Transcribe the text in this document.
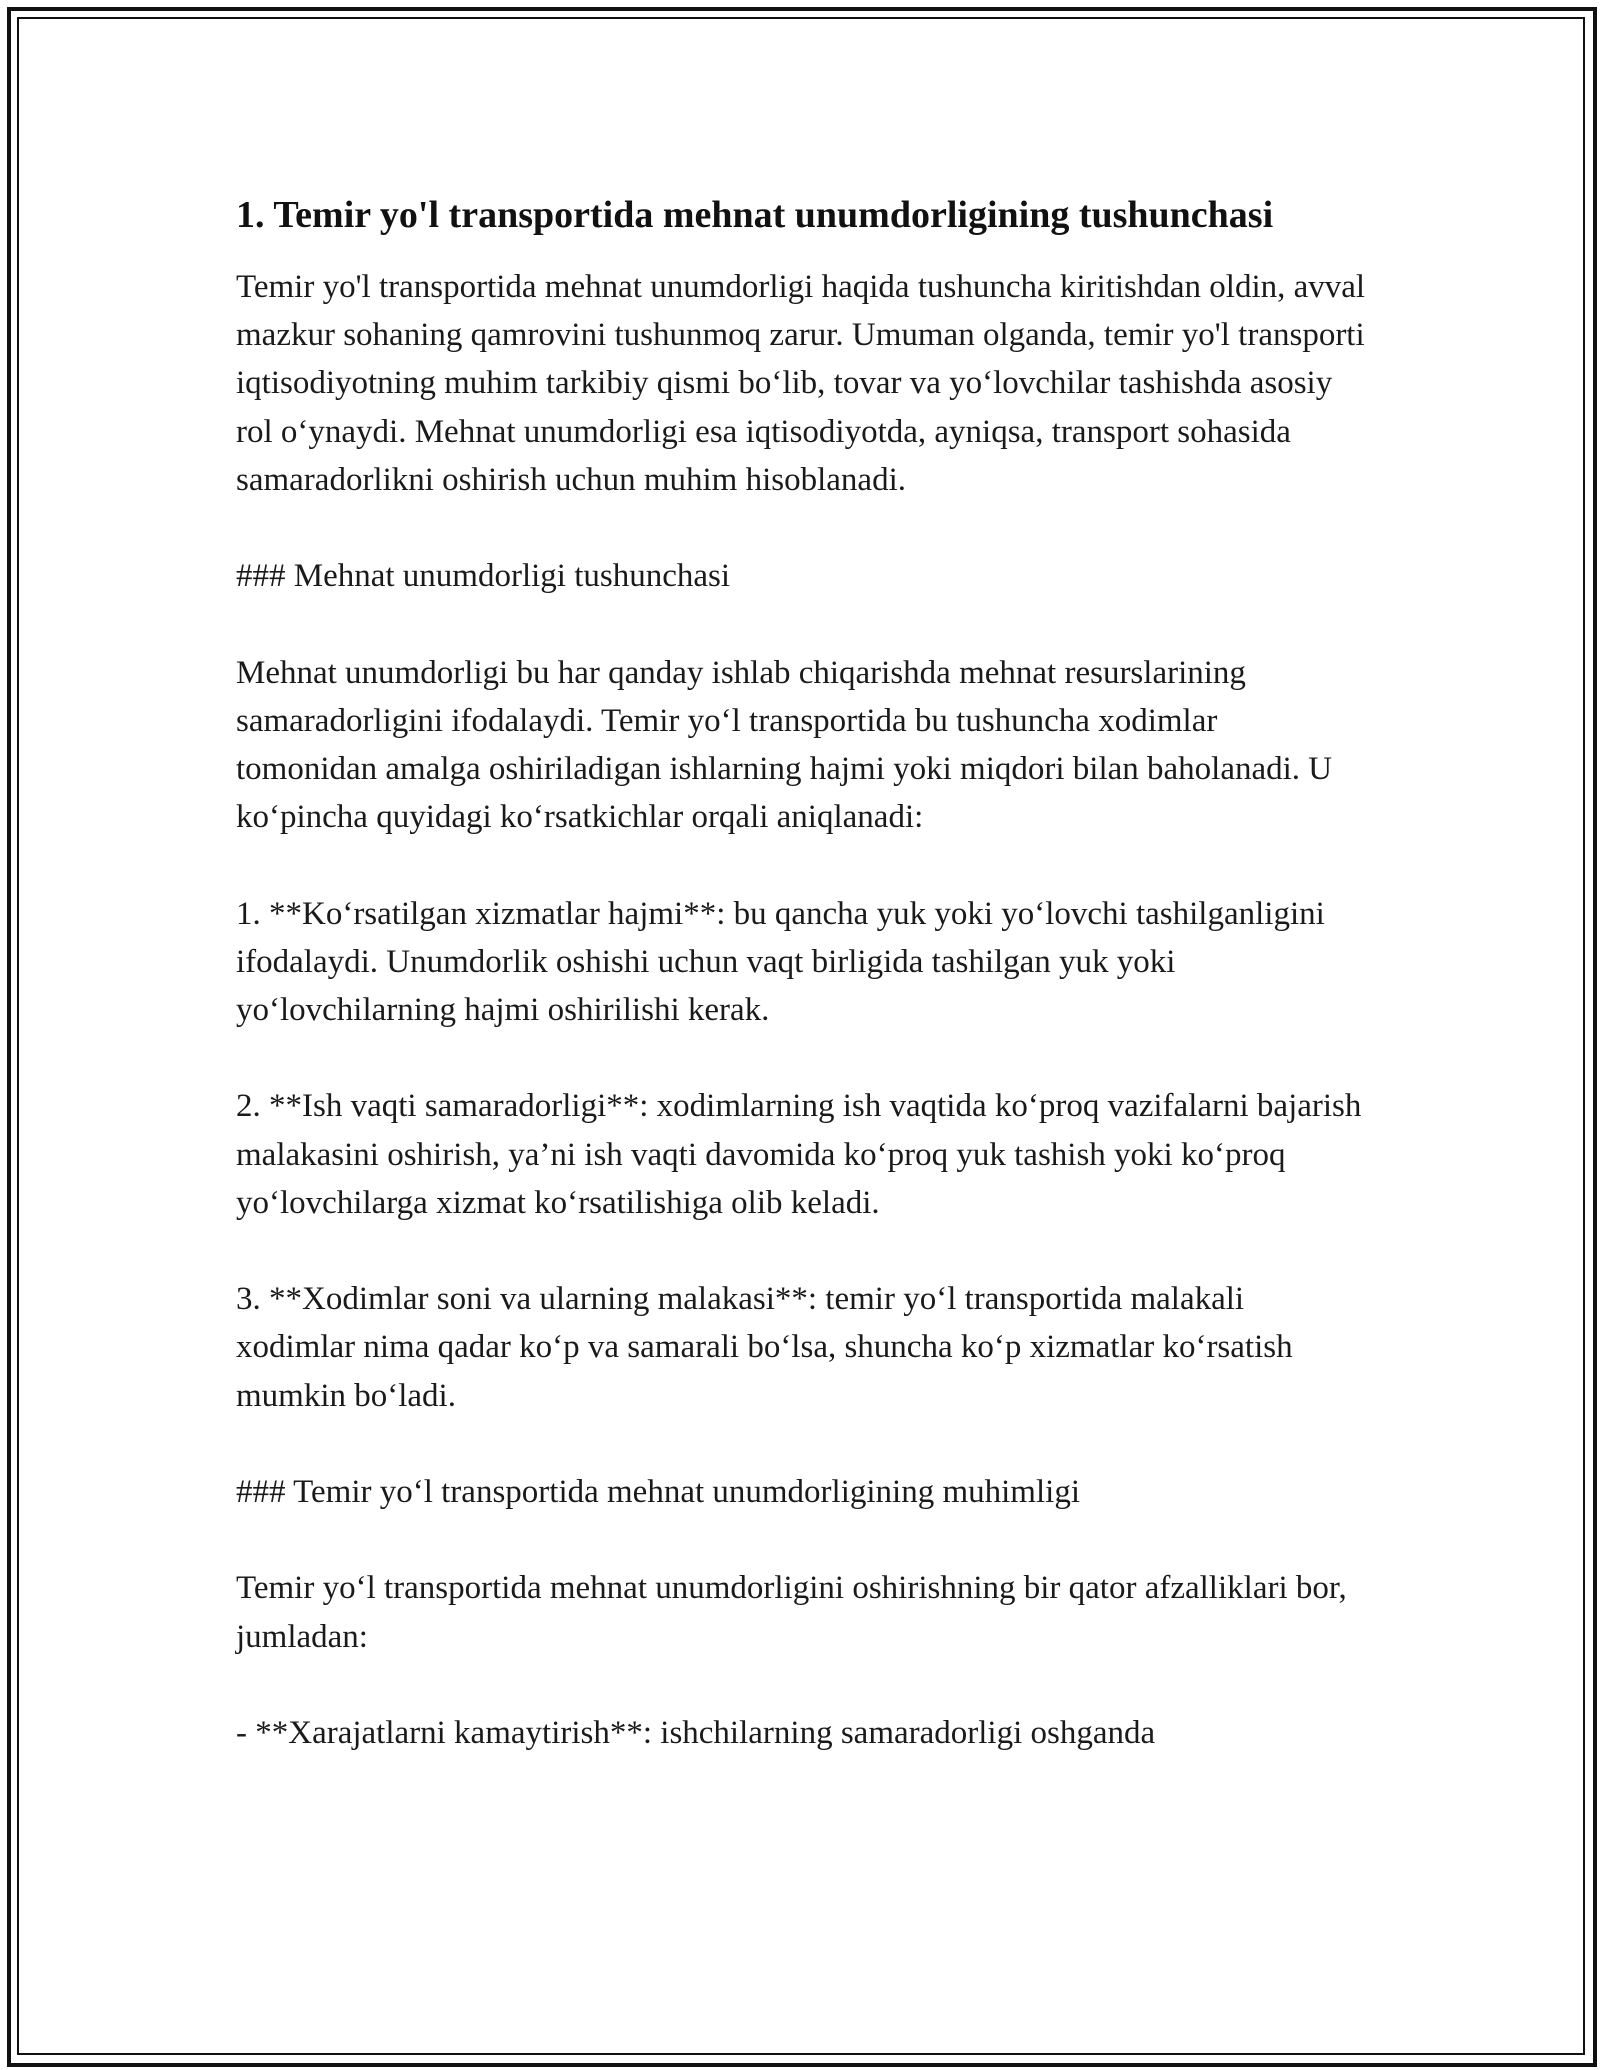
1. Temir yo'l transportida mehnat unumdorligining tushunchasi

Temir yo'l transportida mehnat unumdorligi haqida tushuncha kiritishdan oldin, avval mazkur sohaning qamrovini tushunmoq zarur. Umuman olganda, temir yo'l transporti iqtisodiyotning muhim tarkibiy qismi bo‘lib, tovar va yo‘lovchilar tashishda asosiy rol o‘ynaydi. Mehnat unumdorligi esa iqtisodiyotda, ayniqsa, transport sohasida samaradorlikni oshirish uchun muhim hisoblanadi.

### Mehnat unumdorligi tushunchasi

Mehnat unumdorligi bu har qanday ishlab chiqarishda mehnat resurslarining samaradorligini ifodalaydi. Temir yo‘l transportida bu tushuncha xodimlar tomonidan amalga oshiriladigan ishlarning hajmi yoki miqdori bilan baholanadi. U ko‘pincha quyidagi ko‘rsatkichlar orqali aniqlanadi:

1. **Ko‘rsatilgan xizmatlar hajmi**: bu qancha yuk yoki yo‘lovchi tashilganligini ifodalaydi. Unumdorlik oshishi uchun vaqt birligida tashilgan yuk yoki yo‘lovchilarning hajmi oshirilishi kerak.

2. **Ish vaqti samaradorligi**: xodimlarning ish vaqtida ko‘proq vazifalarni bajarish malakasini oshirish, ya’ni ish vaqti davomida ko‘proq yuk tashish yoki ko‘proq yo‘lovchilarga xizmat ko‘rsatilishiga olib keladi.

3. **Xodimlar soni va ularning malakasi**: temir yo‘l transportida malakali xodimlar nima qadar ko‘p va samarali bo‘lsa, shuncha ko‘p xizmatlar ko‘rsatish mumkin bo‘ladi.

### Temir yo‘l transportida mehnat unumdorligining muhimligi

Temir yo‘l transportida mehnat unumdorligini oshirishning bir qator afzalliklari bor, jumladan:

- **Xarajatlarni kamaytirish**: ishchilarning samaradorligi oshganda
